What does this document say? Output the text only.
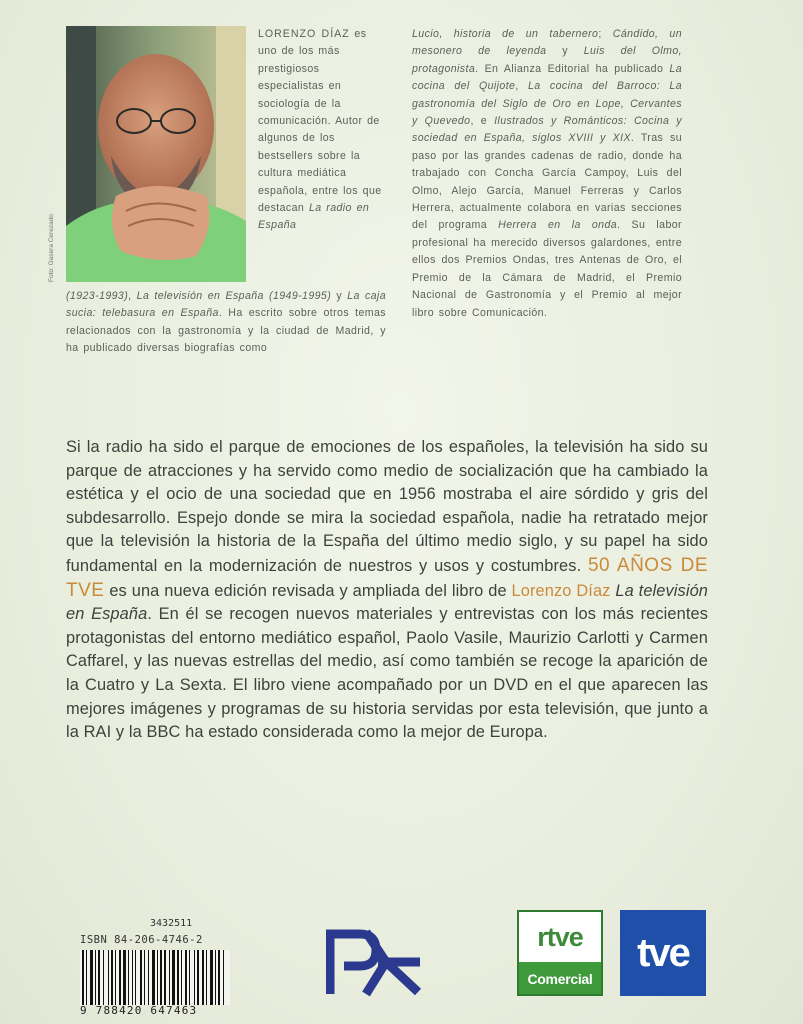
Foto: Gasera Cerezado
LORENZO DÍAZ es uno de los más prestigiosos especialistas en sociología de la comunicación. Autor de algunos de los bestsellers sobre la cultura mediática española, entre los que destacan La radio en España
(1923-1993), La televisión en España (1949-1995) y La caja sucia: telebasura en España. Ha escrito sobre otros temas relacionados con la gastronomía y la ciudad de Madrid, y ha publicado diversas biografías como
Lucio, historia de un tabernero; Cándido, un mesonero de leyenda y Luis del Olmo, protagonista. En Alianza Editorial ha publicado La cocina del Quijote, La cocina del Barroco: La gastronomía del Siglo de Oro en Lope, Cervantes y Quevedo, e Ilustrados y Románticos: Cocina y sociedad en España, siglos XVIII y XIX. Tras su paso por las grandes cadenas de radio, donde ha trabajado con Concha García Campoy, Luis del Olmo, Alejo García, Manuel Ferreras y Carlos Herrera, actualmente colabora en varias secciones del programa Herrera en la onda. Su labor profesional ha merecido diversos galardones, entre ellos dos Premios Ondas, tres Antenas de Oro, el Premio de la Cámara de Madrid, el Premio Nacional de Gastronomía y el Premio al mejor libro sobre Comunicación.
Si la radio ha sido el parque de emociones de los españoles, la televisión ha sido su parque de atracciones y ha servido como medio de socialización que ha cambiado la estética y el ocio de una sociedad que en 1956 mostraba el aire sórdido y gris del subdesarrollo. Espejo donde se mira la sociedad española, nadie ha retratado mejor que la televisión la historia de la España del último medio siglo, y su papel ha sido fundamental en la modernización de nuestros y usos y costumbres. 50 AÑOS DE TVE es una nueva edición revisada y ampliada del libro de Lorenzo Díaz La televisión en España. En él se recogen nuevos materiales y entrevistas con los más recientes protagonistas del entorno mediático español, Paolo Vasile, Maurizio Carlotti y Carmen Caffarel, y las nuevas estrellas del medio, así como también se recoge la aparición de la Cuatro y La Sexta. El libro viene acompañado por un DVD en el que aparecen las mejores imágenes y programas de su historia servidas por esta televisión, que junto a la RAI y la BBC ha estado considerada como la mejor de Europa.
3432511
ISBN 84-206-4746-2
9 788420 647463
rtve
Comercial
tve
